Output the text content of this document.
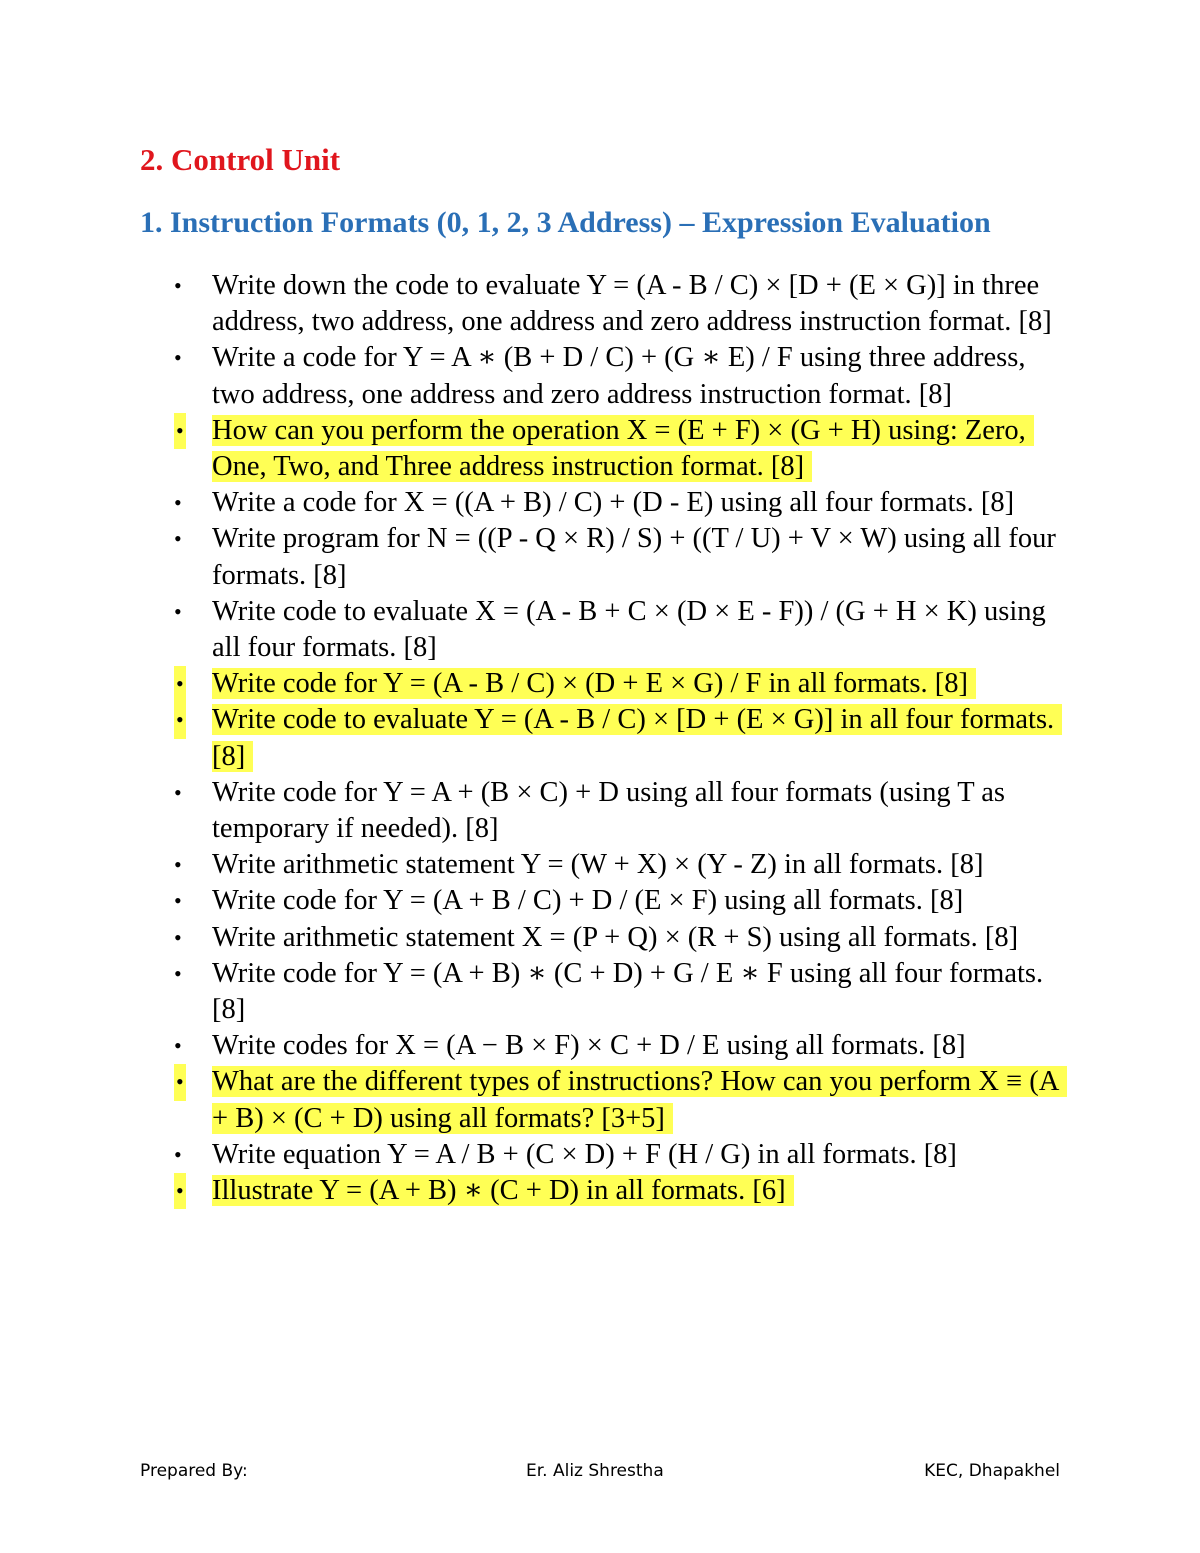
2. Control Unit
1. Instruction Formats (0, 1, 2, 3 Address) – Expression Evaluation
• Write down the code to evaluate Y = (A - B / C) × [D + (E × G)] in three address, two address, one address and zero address instruction format. [8]
• Write a code for Y = A ∗ (B + D / C) + (G ∗ E) / F using three address, two address, one address and zero address instruction format. [8]
• How can you perform the operation X = (E + F) × (G + H) using: Zero, One, Two, and Three address instruction format. [8]
• Write a code for X = ((A + B) / C) + (D - E) using all four formats. [8]
• Write program for N = ((P - Q × R) / S) + ((T / U) + V × W) using all four formats. [8]
• Write code to evaluate X = (A - B + C × (D × E - F)) / (G + H × K) using all four formats. [8]
• Write code for Y = (A - B / C) × (D + E × G) / F in all formats. [8]
• Write code to evaluate Y = (A - B / C) × [D + (E × G)] in all four formats. [8]
• Write code for Y = A + (B × C) + D using all four formats (using T as temporary if needed). [8]
• Write arithmetic statement Y = (W + X) × (Y - Z) in all formats. [8]
• Write code for Y = (A + B / C) + D / (E × F) using all formats. [8]
• Write arithmetic statement X = (P + Q) × (R + S) using all formats. [8]
• Write code for Y = (A + B) ∗ (C + D) + G / E ∗ F using all four formats. [8]
• Write codes for X = (A − B × F) × C + D / E using all formats. [8]
• What are the different types of instructions? How can you perform X ≡ (A + B) × (C + D) using all formats? [3+5]
• Write equation Y = A / B + (C × D) + F (H / G) in all formats. [8]
• Illustrate Y = (A + B) ∗ (C + D) in all formats. [6]
Prepared By:	Er. Aliz Shrestha	KEC, Dhapakhel
